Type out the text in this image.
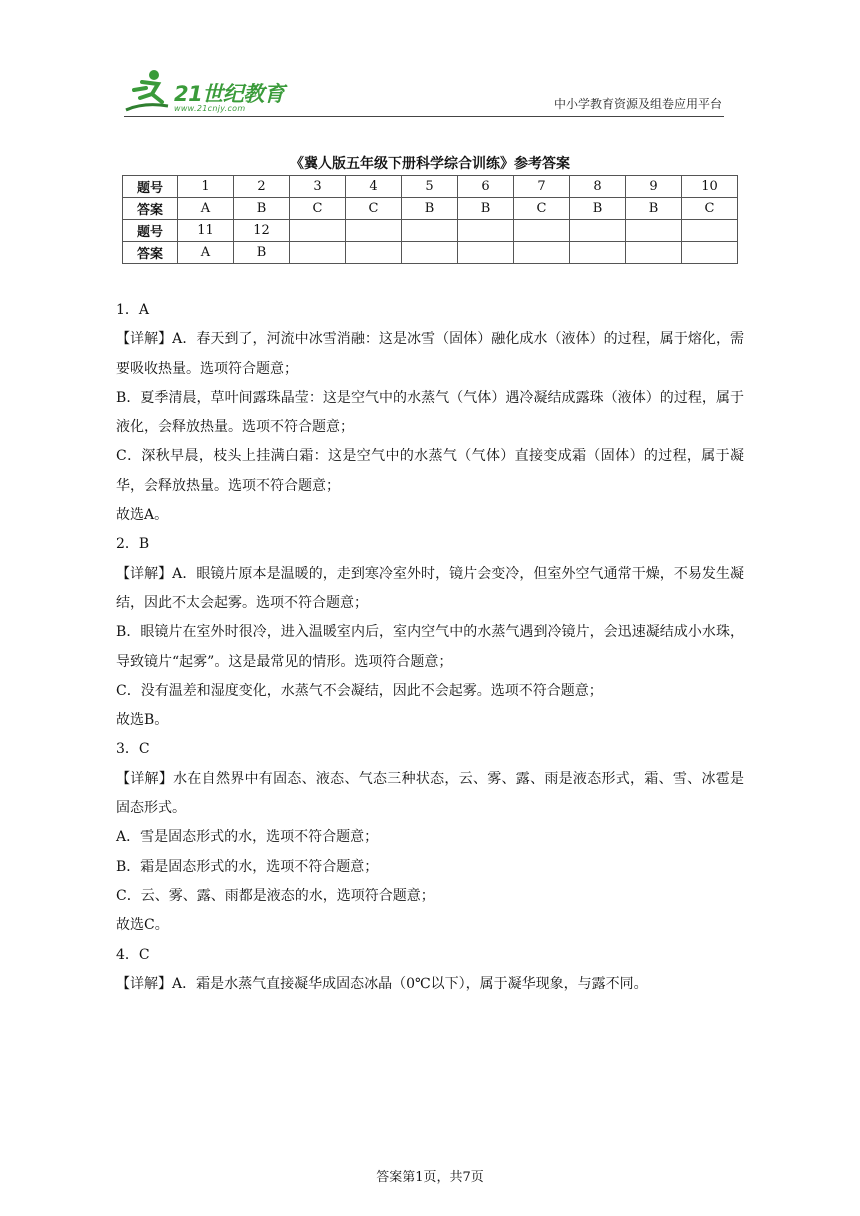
21世纪教育
www.21cnjy.com	中小学教育资源及组卷应用平台
《冀人版五年级下册科学综合训练》参考答案
题号	1	2	3	4	5	6	7	8	9	10
答案	A	B	C	C	B	B	C	B	B	C
题号	11	12								
答案	A	B								

1．A

【详解】A．春天到了，河流中冰雪消融：这是冰雪（固体）融化成水（液体）的过程，属于熔化，需要吸收热量。选项符合题意；

B．夏季清晨，草叶间露珠晶莹：这是空气中的水蒸气（气体）遇冷凝结成露珠（液体）的过程，属于液化，会释放热量。选项不符合题意；

C．深秋早晨，枝头上挂满白霜：这是空气中的水蒸气（气体）直接变成霜（固体）的过程，属于凝华，会释放热量。选项不符合题意；

故选A。

2．B

【详解】A．眼镜片原本是温暖的，走到寒冷室外时，镜片会变冷，但室外空气通常干燥，不易发生凝结，因此不太会起雾。选项不符合题意；

B．眼镜片在室外时很冷，进入温暖室内后，室内空气中的水蒸气遇到冷镜片，会迅速凝结成小水珠，导致镜片“起雾”。这是最常见的情形。选项符合题意；

C．没有温差和湿度变化，水蒸气不会凝结，因此不会起雾。选项不符合题意；

故选B。

3．C

【详解】水在自然界中有固态、液态、气态三种状态，云、雾、露、雨是液态形式，霜、雪、冰雹是固态形式。

A．雪是固态形式的水，选项不符合题意；

B．霜是固态形式的水，选项不符合题意；

C．云、雾、露、雨都是液态的水，选项符合题意；

故选C。

4．C

【详解】A．霜是水蒸气直接凝华成固态冰晶（0℃以下），属于凝华现象，与露不同。

答案第1页，共7页
